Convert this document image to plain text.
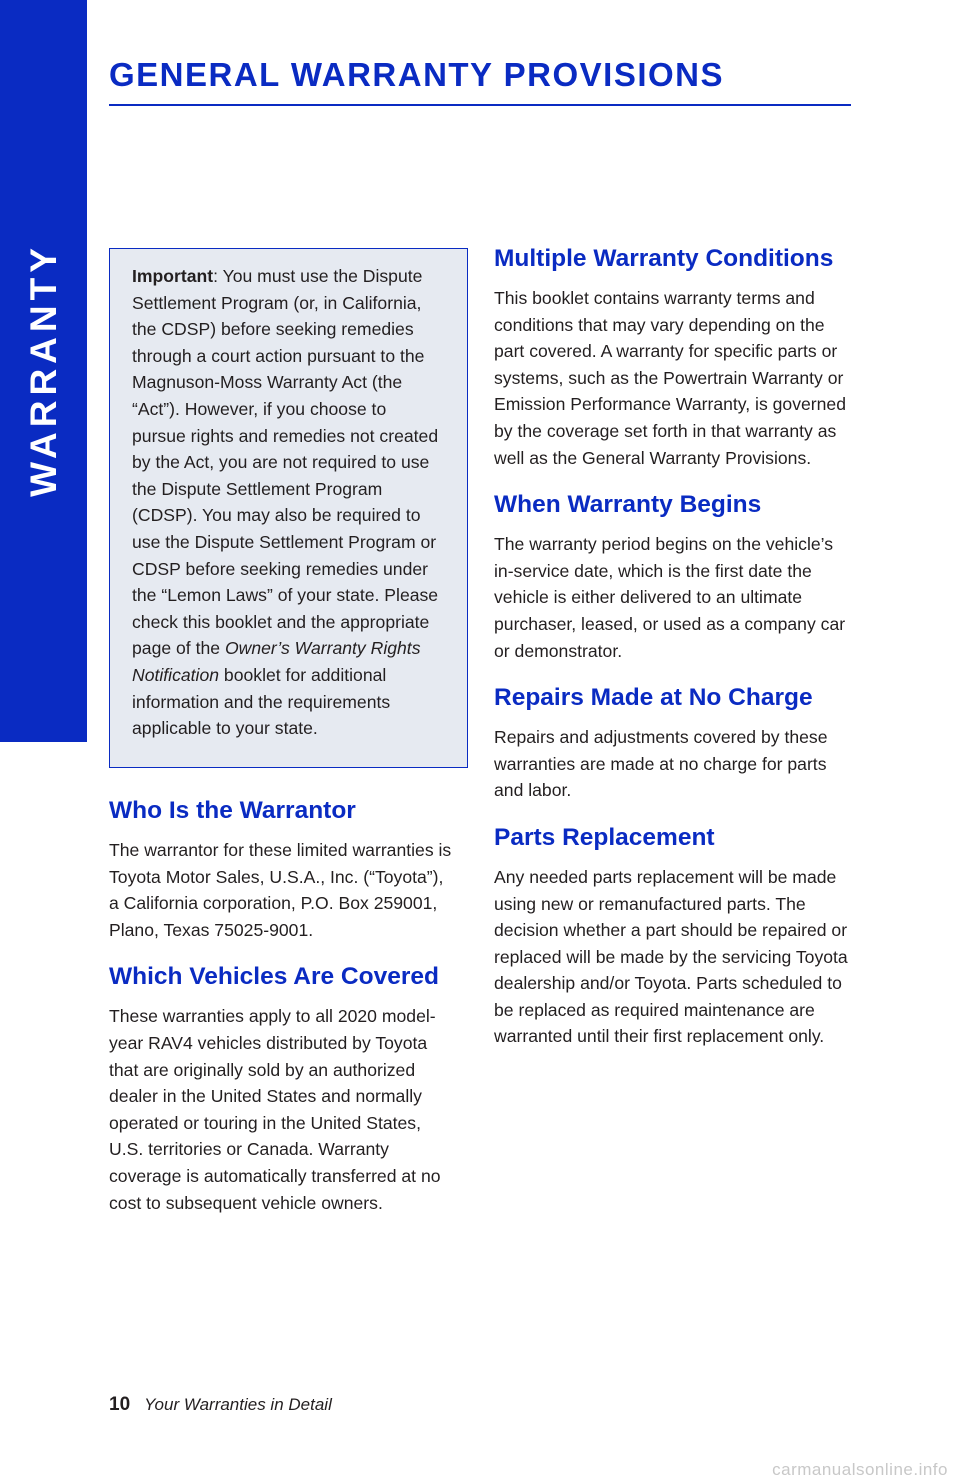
WARRANTY
GENERAL WARRANTY PROVISIONS

Important: You must use the Dispute Settlement Program (or, in California, the CDSP) before seeking remedies through a court action pursuant to the Magnuson-Moss Warranty Act (the “Act”). However, if you choose to pursue rights and remedies not created by the Act, you are not required to use the Dispute Settlement Program (CDSP). You may also be required to use the Dispute Settlement Program or CDSP before seeking remedies under the “Lemon Laws” of your state. Please check this booklet and the appropriate page of the Owner’s Warranty Rights Notification booklet for additional information and the requirements applicable to your state.

Who Is the Warrantor

The warrantor for these limited warranties is Toyota Motor Sales, U.S.A., Inc. (“Toyota”), a California corporation, P.O. Box 259001, Plano, Texas 75025-9001.

Which Vehicles Are Covered

These warranties apply to all 2020 model-year RAV4 vehicles distributed by Toyota that are originally sold by an authorized dealer in the United States and normally operated or touring in the United States, U.S. territories or Canada. Warranty coverage is automatically transferred at no cost to subsequent vehicle owners.

Multiple Warranty Conditions

This booklet contains warranty terms and conditions that may vary depending on the part covered. A warranty for specific parts or systems, such as the Powertrain Warranty or Emission Performance Warranty, is governed by the coverage set forth in that warranty as well as the General Warranty Provisions.

When Warranty Begins

The warranty period begins on the vehicle’s in-service date, which is the first date the vehicle is either delivered to an ultimate purchaser, leased, or used as a company car or demonstrator.

Repairs Made at No Charge

Repairs and adjustments covered by these warranties are made at no charge for parts and labor.

Parts Replacement

Any needed parts replacement will be made using new or remanufactured parts. The decision whether a part should be repaired or replaced will be made by the servicing Toyota dealership and/or Toyota. Parts scheduled to be replaced as required maintenance are warranted until their first replacement only.

10 Your Warranties in Detail
carmanualsonline.info
